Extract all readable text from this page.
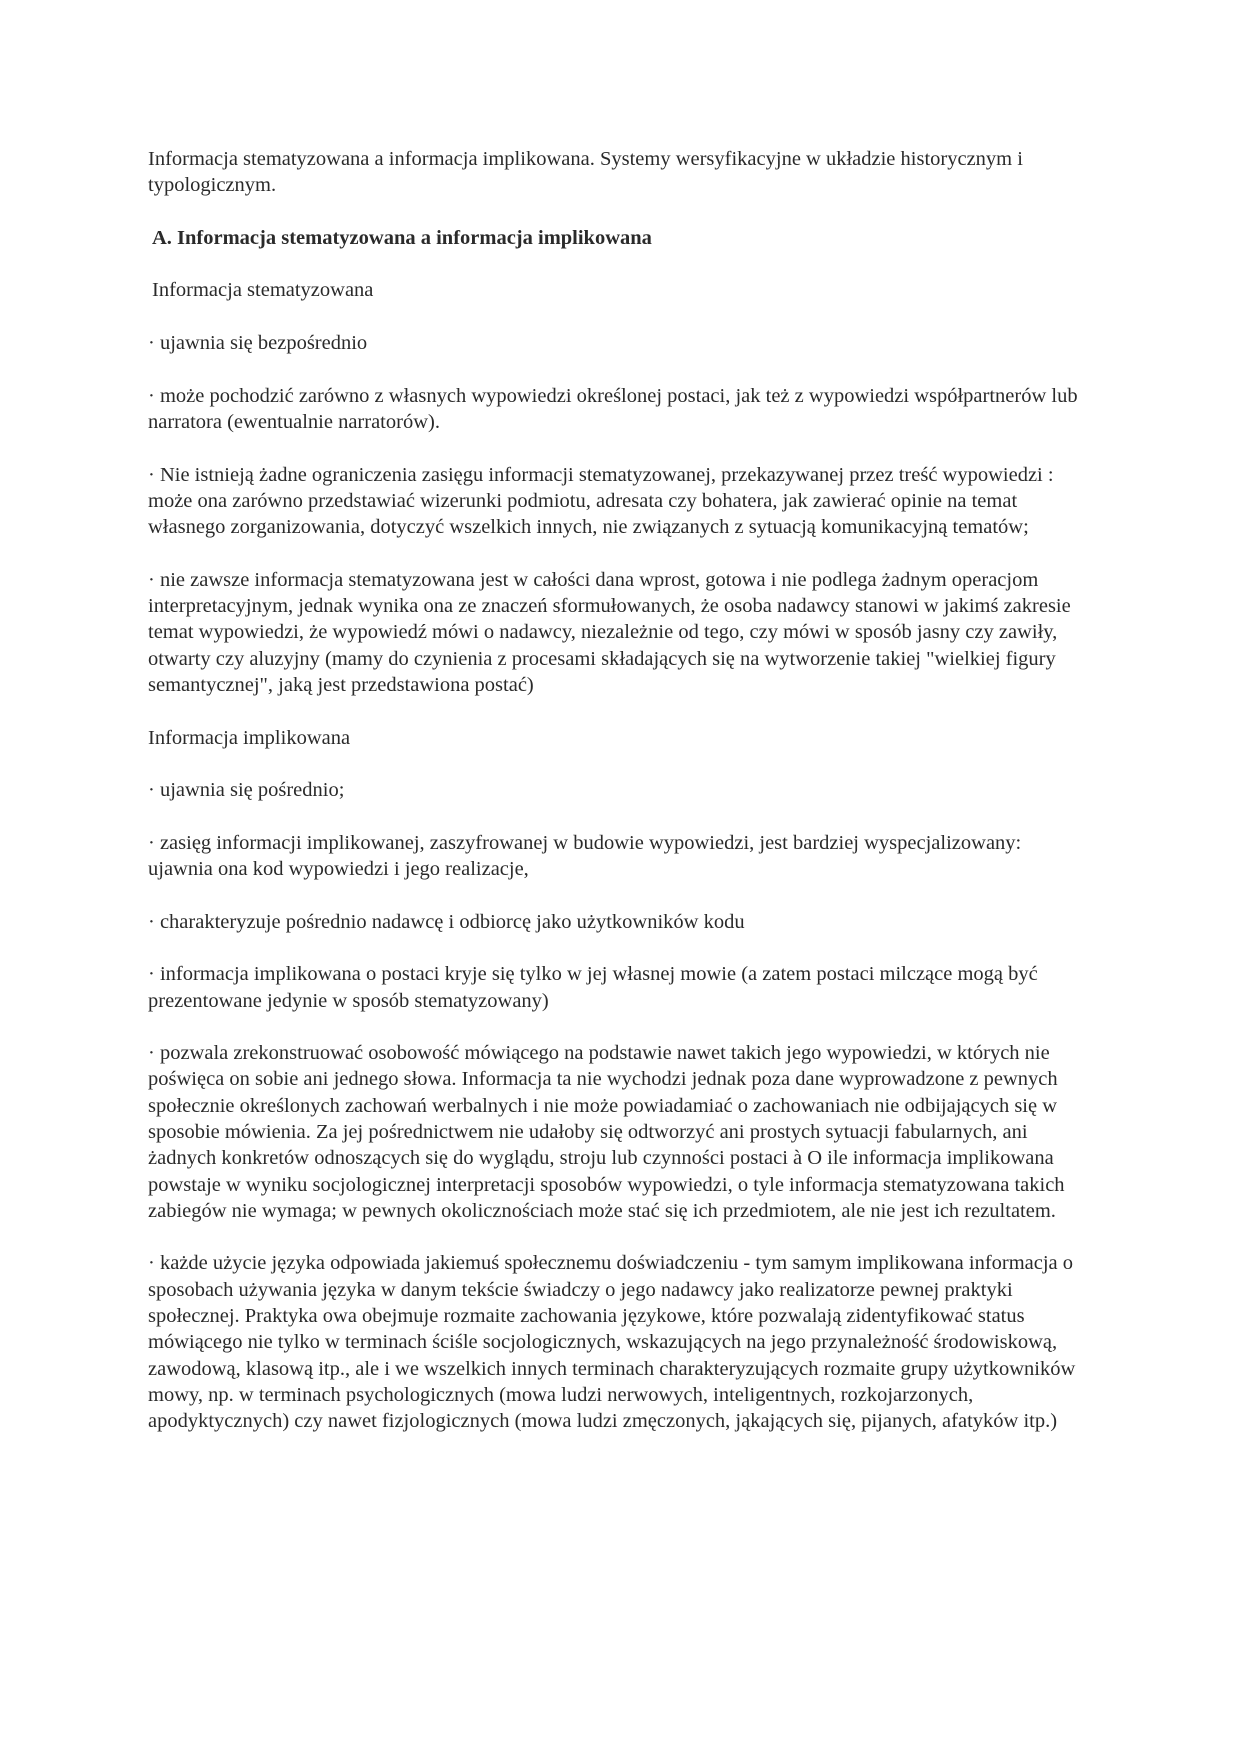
Informacja stematyzowana a informacja implikowana. Systemy wersyfikacyjne w układzie historycznym i typologicznym.

A. Informacja stematyzowana a informacja implikowana

Informacja stematyzowana

· ujawnia się bezpośrednio

· może pochodzić zarówno z własnych wypowiedzi określonej postaci, jak też z wypowiedzi współpartnerów lub narratora (ewentualnie narratorów).

· Nie istnieją żadne ograniczenia zasięgu informacji stematyzowanej, przekazywanej przez treść wypowiedzi : może ona zarówno przedstawiać wizerunki podmiotu, adresata czy bohatera, jak zawierać opinie na temat własnego zorganizowania, dotyczyć wszelkich innych, nie związanych z sytuacją komunikacyjną tematów;

· nie zawsze informacja stematyzowana jest w całości dana wprost, gotowa i nie podlega żadnym operacjom interpretacyjnym, jednak wynika ona ze znaczeń sformułowanych, że osoba nadawcy stanowi w jakimś zakresie temat wypowiedzi, że wypowiedź mówi o nadawcy, niezależnie od tego, czy mówi w sposób jasny czy zawiły, otwarty czy aluzyjny (mamy do czynienia z procesami składających się na wytworzenie takiej "wielkiej figury semantycznej", jaką jest przedstawiona postać)

Informacja implikowana

· ujawnia się pośrednio;

· zasięg informacji implikowanej, zaszyfrowanej w budowie wypowiedzi, jest bardziej wyspecjalizowany: ujawnia ona kod wypowiedzi i jego realizacje,

· charakteryzuje pośrednio nadawcę i odbiorcę jako użytkowników kodu

· informacja implikowana o postaci kryje się tylko w jej własnej mowie (a zatem postaci milczące mogą być prezentowane jedynie w sposób stematyzowany)

· pozwala zrekonstruować osobowość mówiącego na podstawie nawet takich jego wypowiedzi, w których nie poświęca on sobie ani jednego słowa. Informacja ta nie wychodzi jednak poza dane wyprowadzone z pewnych społecznie określonych zachowań werbalnych i nie może powiadamiać o zachowaniach nie odbijających się w sposobie mówienia. Za jej pośrednictwem nie udałoby się odtworzyć ani prostych sytuacji fabularnych, ani żadnych konkretów odnoszących się do wyglądu, stroju lub czynności postaci à O ile informacja implikowana powstaje w wyniku socjologicznej interpretacji sposobów wypowiedzi, o tyle informacja stematyzowana takich zabiegów nie wymaga; w pewnych okolicznościach może stać się ich przedmiotem, ale nie jest ich rezultatem.

· każde użycie języka odpowiada jakiemuś społecznemu doświadczeniu - tym samym implikowana informacja o sposobach używania języka w danym tekście świadczy o jego nadawcy jako realizatorze pewnej praktyki społecznej. Praktyka owa obejmuje rozmaite zachowania językowe, które pozwalają zidentyfikować status mówiącego nie tylko w terminach ściśle socjologicznych, wskazujących na jego przynależność środowiskową, zawodową, klasową itp., ale i we wszelkich innych terminach charakteryzujących rozmaite grupy użytkowników mowy, np. w terminach psychologicznych (mowa ludzi nerwowych, inteligentnych, rozkojarzonych, apodyktycznych) czy nawet fizjologicznych (mowa ludzi zmęczonych, jąkających się, pijanych, afatyków itp.)
